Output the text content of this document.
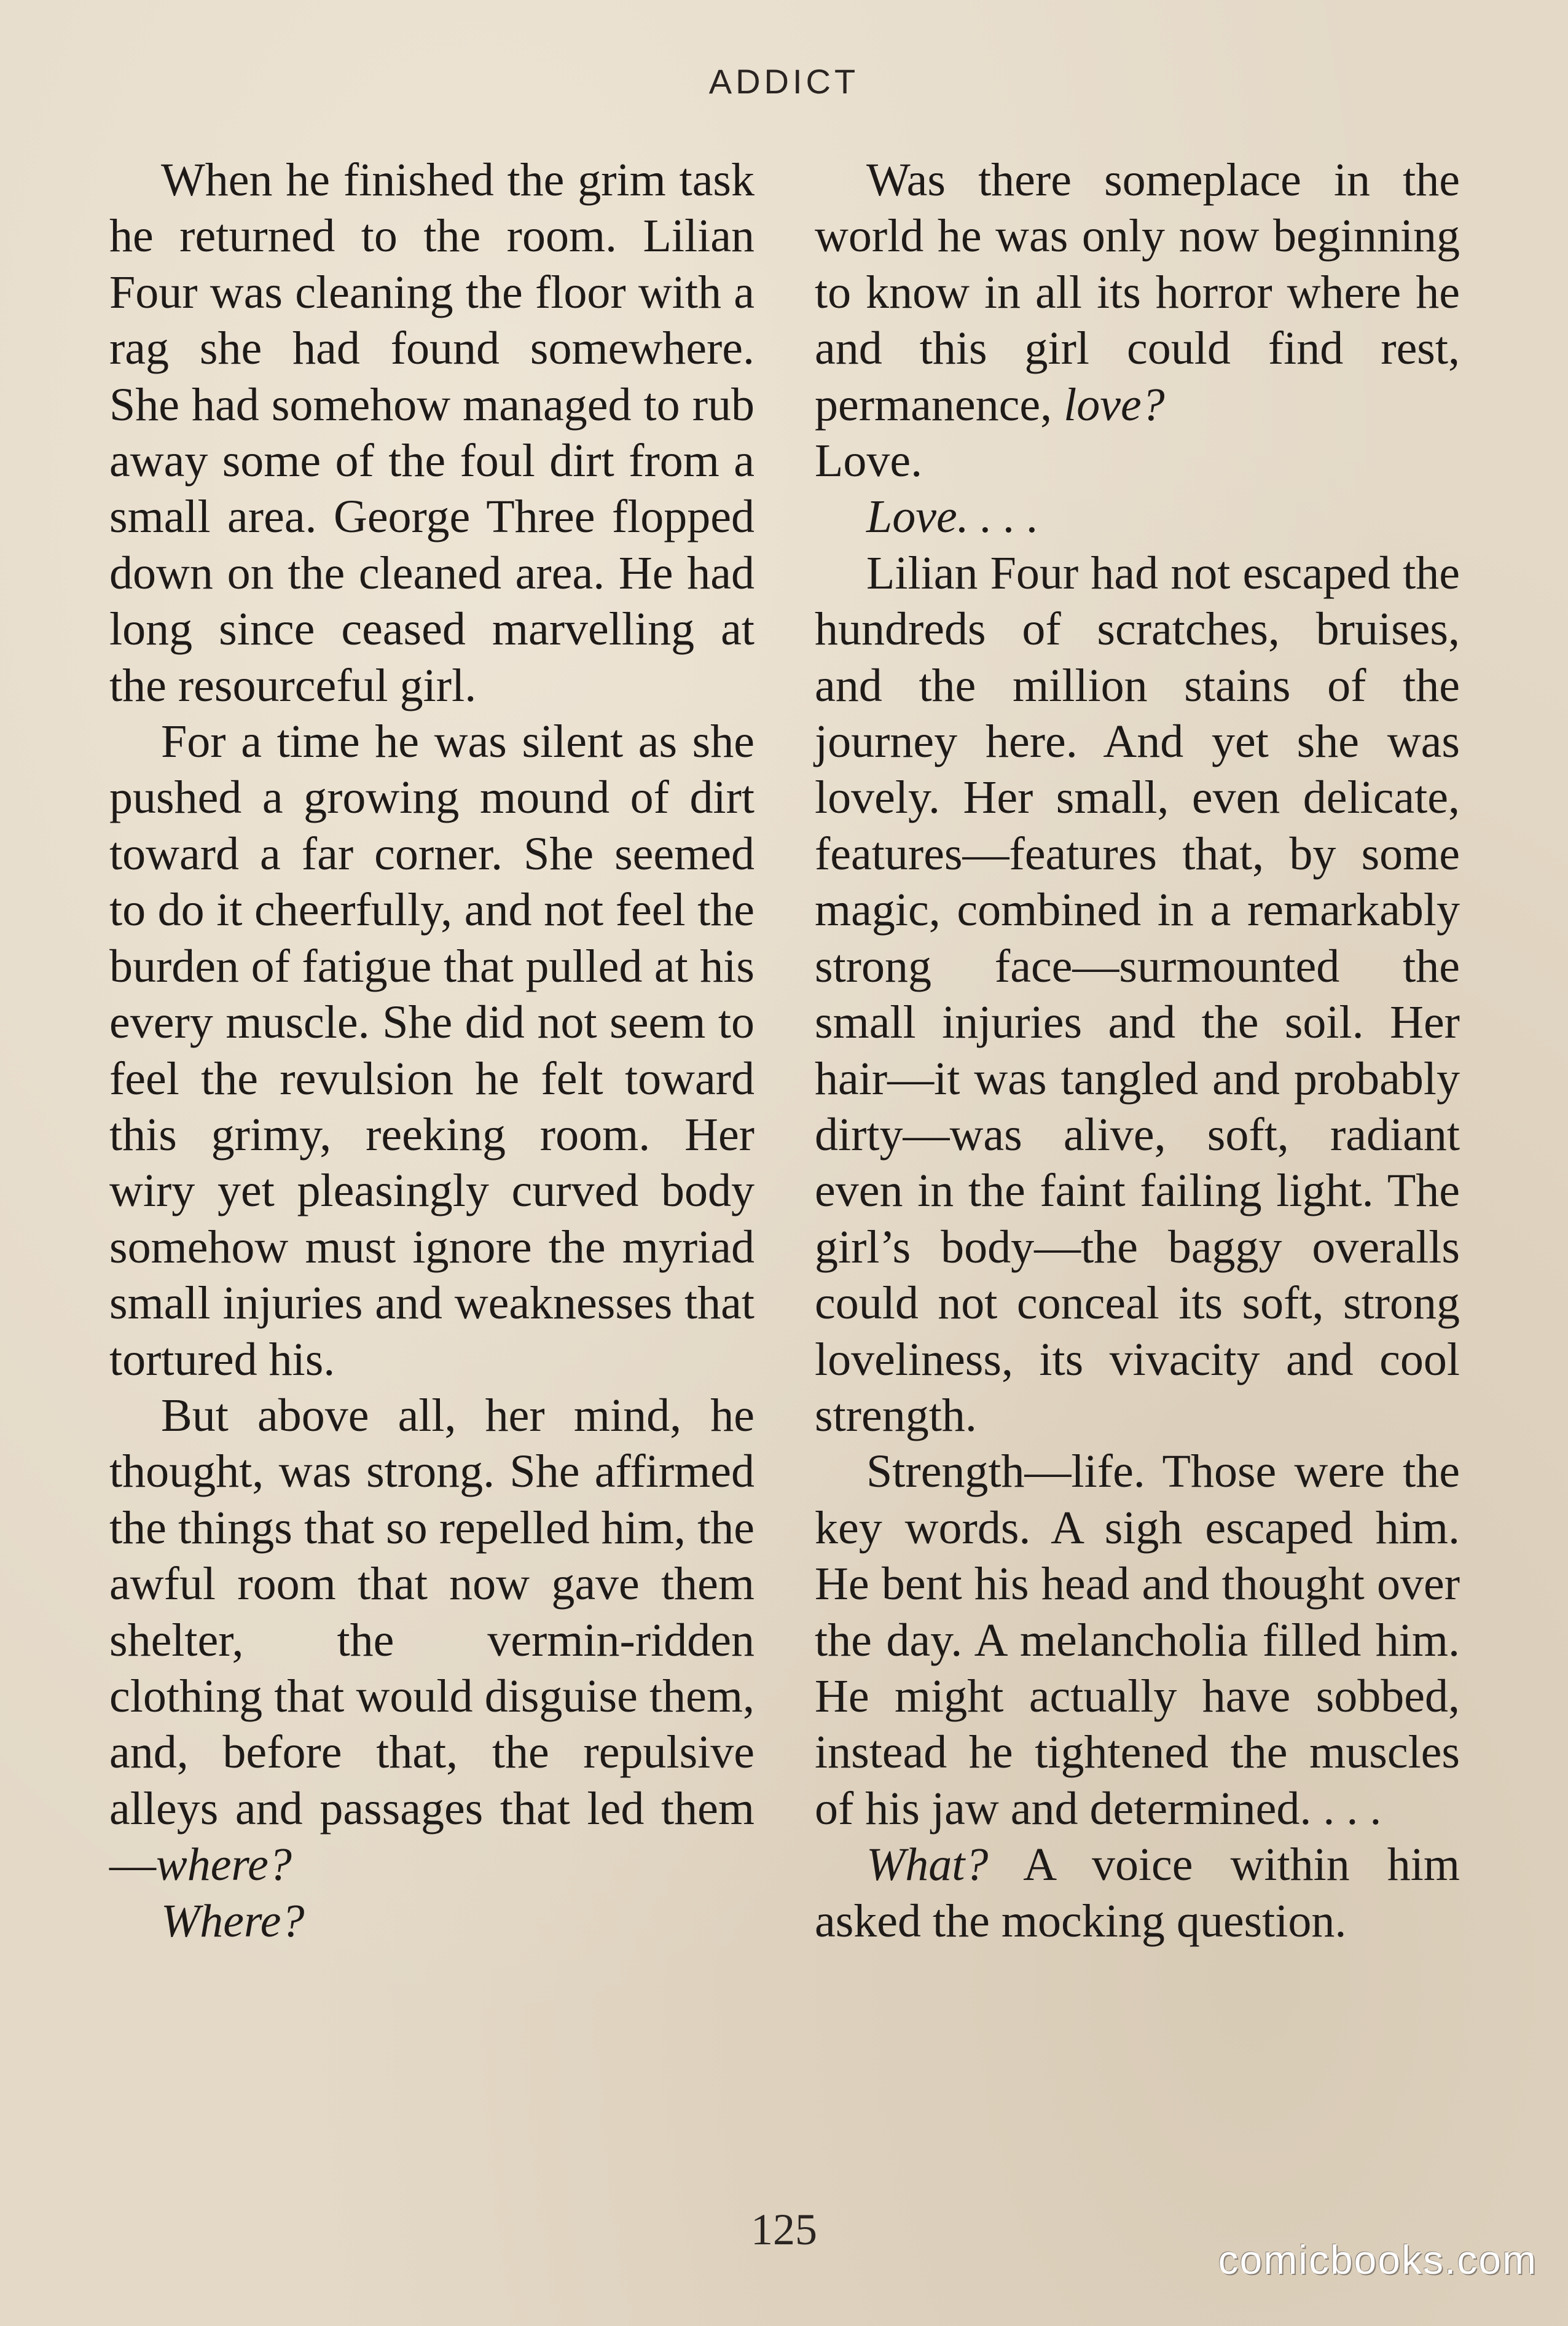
ADDICT

When he finished the grim task he returned to the room. Lilian Four was cleaning the floor with a rag she had found somewhere. She had somehow managed to rub away some of the foul dirt from a small area. George Three flopped down on the cleaned area. He had long since ceased marvelling at the resourceful girl.

For a time he was silent as she pushed a growing mound of dirt toward a far corner. She seemed to do it cheerfully, and not feel the burden of fatigue that pulled at his every muscle. She did not seem to feel the revulsion he felt toward this grimy, reeking room. Her wiry yet pleasingly curved body somehow must ignore the myriad small injuries and weaknesses that tortured his.

But above all, her mind, he thought, was strong. She affirmed the things that so repelled him, the awful room that now gave them shelter, the vermin-ridden clothing that would disguise them, and, before that, the repulsive alleys and passages that led them—where?

Where?

Was there someplace in the world he was only now beginning to know in all its horror where he and this girl could find rest, permanence, love?

Love.

Love. . . .

Lilian Four had not escaped the hundreds of scratches, bruises, and the million stains of the journey here. And yet she was lovely. Her small, even delicate, features—features that, by some magic, combined in a remarkably strong face—surmounted the small injuries and the soil. Her hair—it was tangled and probably dirty—was alive, soft, radiant even in the faint failing light. The girl’s body—the baggy overalls could not conceal its soft, strong loveliness, its vivacity and cool strength.

Strength—life. Those were the key words. A sigh escaped him. He bent his head and thought over the day. A melancholia filled him. He might actually have sobbed, instead he tightened the muscles of his jaw and determined. . . .

What? A voice within him asked the mocking question.

125
comicbooks.com
